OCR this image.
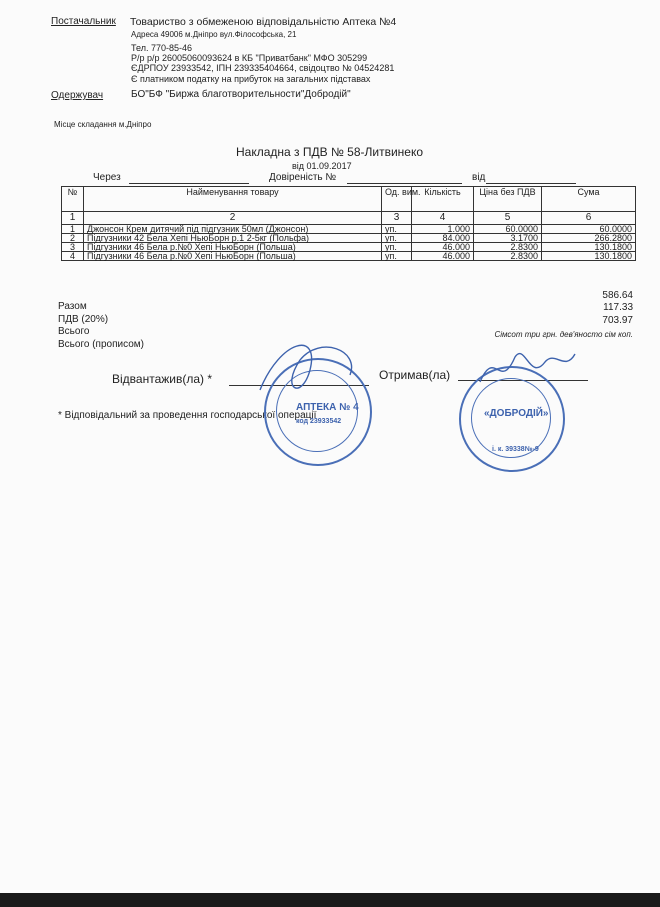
Постачальник Товариство з обмеженою відповідальністю Аптека №4
Адреса 49006 м.Дніпро вул.Філософська, 21
Тел. 770-85-46
Р/р р/р 26005060093624 в КБ "Приватбанк" МФО 305299
ЄДРПОУ 23933542, ІПН 239335404664, свідоцтво № 04524281
Є платником податку на прибуток на загальних підставах
Одержувач	БО"БФ "Биржа благотворительности"Добродій"
Місце складання м.Дніпро
Накладна з ПДВ № 58-Литвинеко
від 01.09.2017
Через	Довіреність №	від
№	Найменування товару	Од. вим.	Кількість	Ціна без ПДВ	Сума
1	2	3	4	5	6
1	Джонсон Крем дитячий під підгузник 50мл (Джонсон)	уп.	1.000	60.0000	60.0000
2	Підгузники 42 Бела Хепі НьюБорн р.1 2-5кг (Польфа)	уп.	84.000	3.1700	266.2800
3	Підгузники 46 Бела р.№0 Хепі НьюБорн (Польша)	уп.	46.000	2.8300	130.1800
4	Підгузники 46 Бела р.№0 Хепі НьюБорн (Польша)	уп.	46.000	2.8300	130.1800
Разом
586.64
ПДВ (20%)
117.33
Всього
703.97
Всього (прописом)
Сімсот три грн. дев'яносто сім коп.
Відвантажив(ла) *	Отримав(ла)
* Відповідальний за проведення господарської операції
АПТЕКА № 4
код 23933542
«ДОБРОДІЙ»
і. к. 39338№-9
